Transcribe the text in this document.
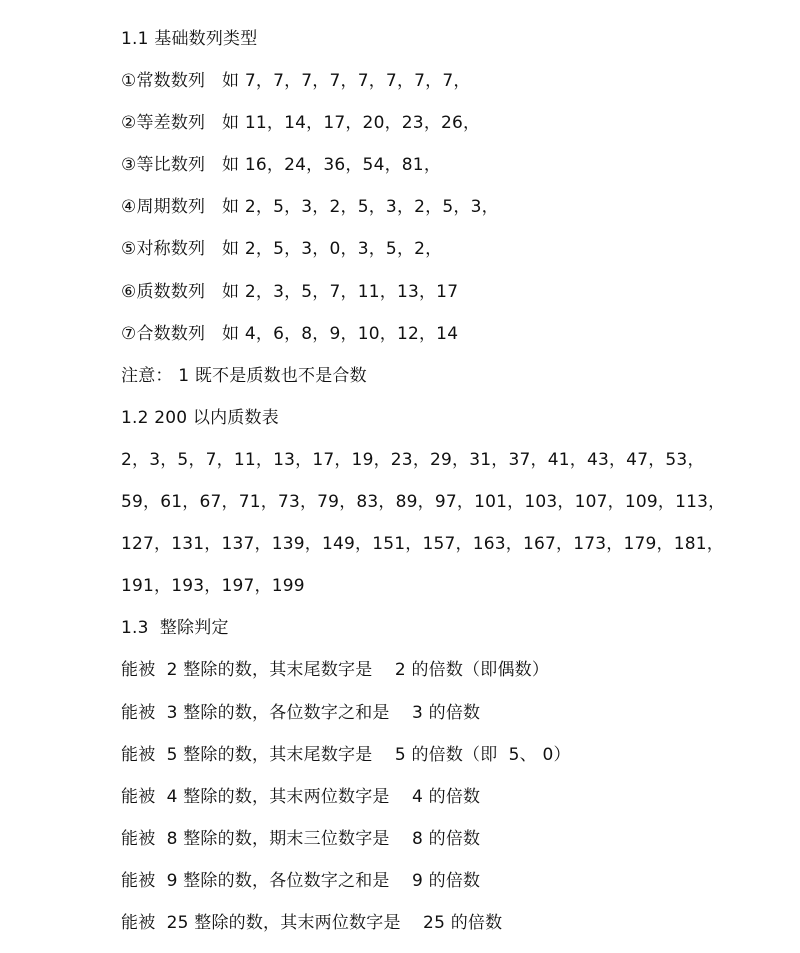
1.1 基础数列类型
①常数数列   如 7，7，7，7，7，7，7，7，
②等差数列   如 11，14，17，20，23，26，
③等比数列   如 16，24，36，54，81，
④周期数列   如 2，5，3，2，5，3，2，5，3，
⑤对称数列   如 2，5，3，0，3，5，2，
⑥质数数列   如 2，3，5，7，11，13，17
⑦合数数列   如 4，6，8，9，10，12，14
注意： 1 既不是质数也不是合数
1.2 200 以内质数表
2，3，5，7，11，13，17，19，23，29，31，37，41，43，47，53，
59，61，67，71，73，79，83，89，97，101，103，107，109，113，
127，131，137，139，149，151，157，163，167，173，179，181，
191，193，197，199
1.3  整除判定
能被  2 整除的数，其末尾数字是    2 的倍数（即偶数）
能被  3 整除的数，各位数字之和是    3 的倍数
能被  5 整除的数，其末尾数字是    5 的倍数（即  5、 0）
能被  4 整除的数，其末两位数字是    4 的倍数
能被  8 整除的数，期末三位数字是    8 的倍数
能被  9 整除的数，各位数字之和是    9 的倍数
能被  25 整除的数，其末两位数字是    25 的倍数
